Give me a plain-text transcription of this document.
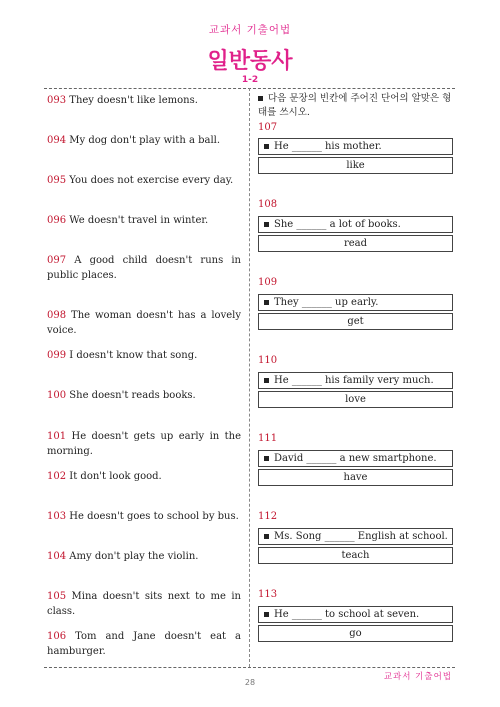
교과서 기출어법
일반동사
1-2
093 They doesn't like lemons.
094 My dog don't play with a ball.
095 You does not exercise every day.
096 We doesn't travel in winter.
097 A good child doesn't runs in public places.
098 The woman doesn't has a lovely voice.
099 I doesn't know that song.
100 She doesn't reads books.
101 He doesn't gets up early in the morning.
102 It don't look good.
103 He doesn't goes to school by bus.
104 Amy don't play the violin.
105 Mina doesn't sits next to me in class.
106 Tom and Jane doesn't eat a hamburger.
다음 문장의 빈칸에 주어진 단어의 알맞은 형태를 쓰시오.
107
He ______ his mother.
like
108
She ______ a lot of books.
read
109
They ______ up early.
get
110
He ______ his family very much.
love
111
David ______ a new smartphone.
have
112
Ms. Song ______ English at school.
teach
113
He ______ to school at seven.
go
28
교과서 기출어법
